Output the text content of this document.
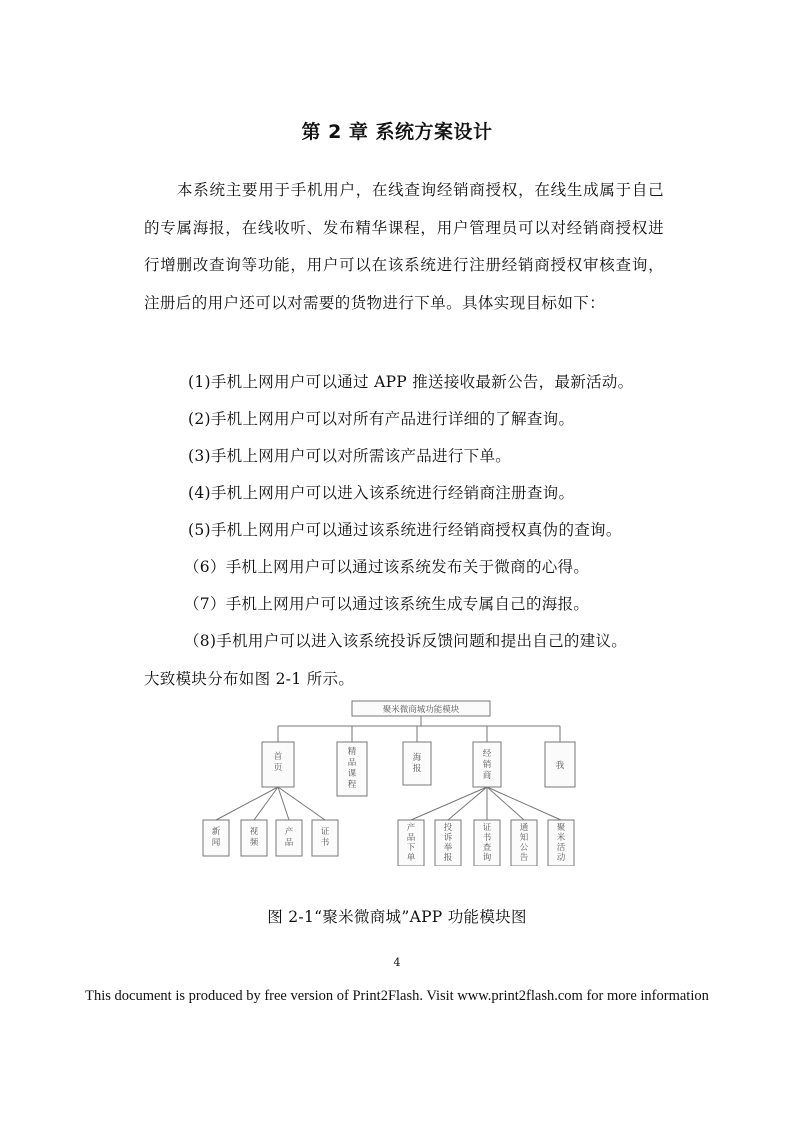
第 2 章 系统方案设计

本系统主要用于手机用户，在线查询经销商授权，在线生成属于自己的专属海报，在线收听、发布精华课程，用户管理员可以对经销商授权进行增删改查询等功能，用户可以在该系统进行注册经销商授权审核查询，注册后的用户还可以对需要的货物进行下单。具体实现目标如下：

(1)手机上网用户可以通过 APP 推送接收最新公告，最新活动。
(2)手机上网用户可以对所有产品进行详细的了解查询。
(3)手机上网用户可以对所需该产品进行下单。
(4)手机上网用户可以进入该系统进行经销商注册查询。
(5)手机上网用户可以通过该系统进行经销商授权真伪的查询。
（6）手机上网用户可以通过该系统发布关于微商的心得。
（7）手机上网用户可以通过该系统生成专属自己的海报。
（8)手机用户可以进入该系统投诉反馈问题和提出自己的建议。
大致模块分布如图 2-1 所示。
聚米微商城功能模块
首页
精品课程
海报
经销商
我
新闻
视频
产品
证书
产品下单
投诉举报
证书查询
通知公告
聚米活动
图 2-1“聚米微商城”APP 功能模块图
4
This document is produced by free version of Print2Flash. Visit www.print2flash.com for more information
